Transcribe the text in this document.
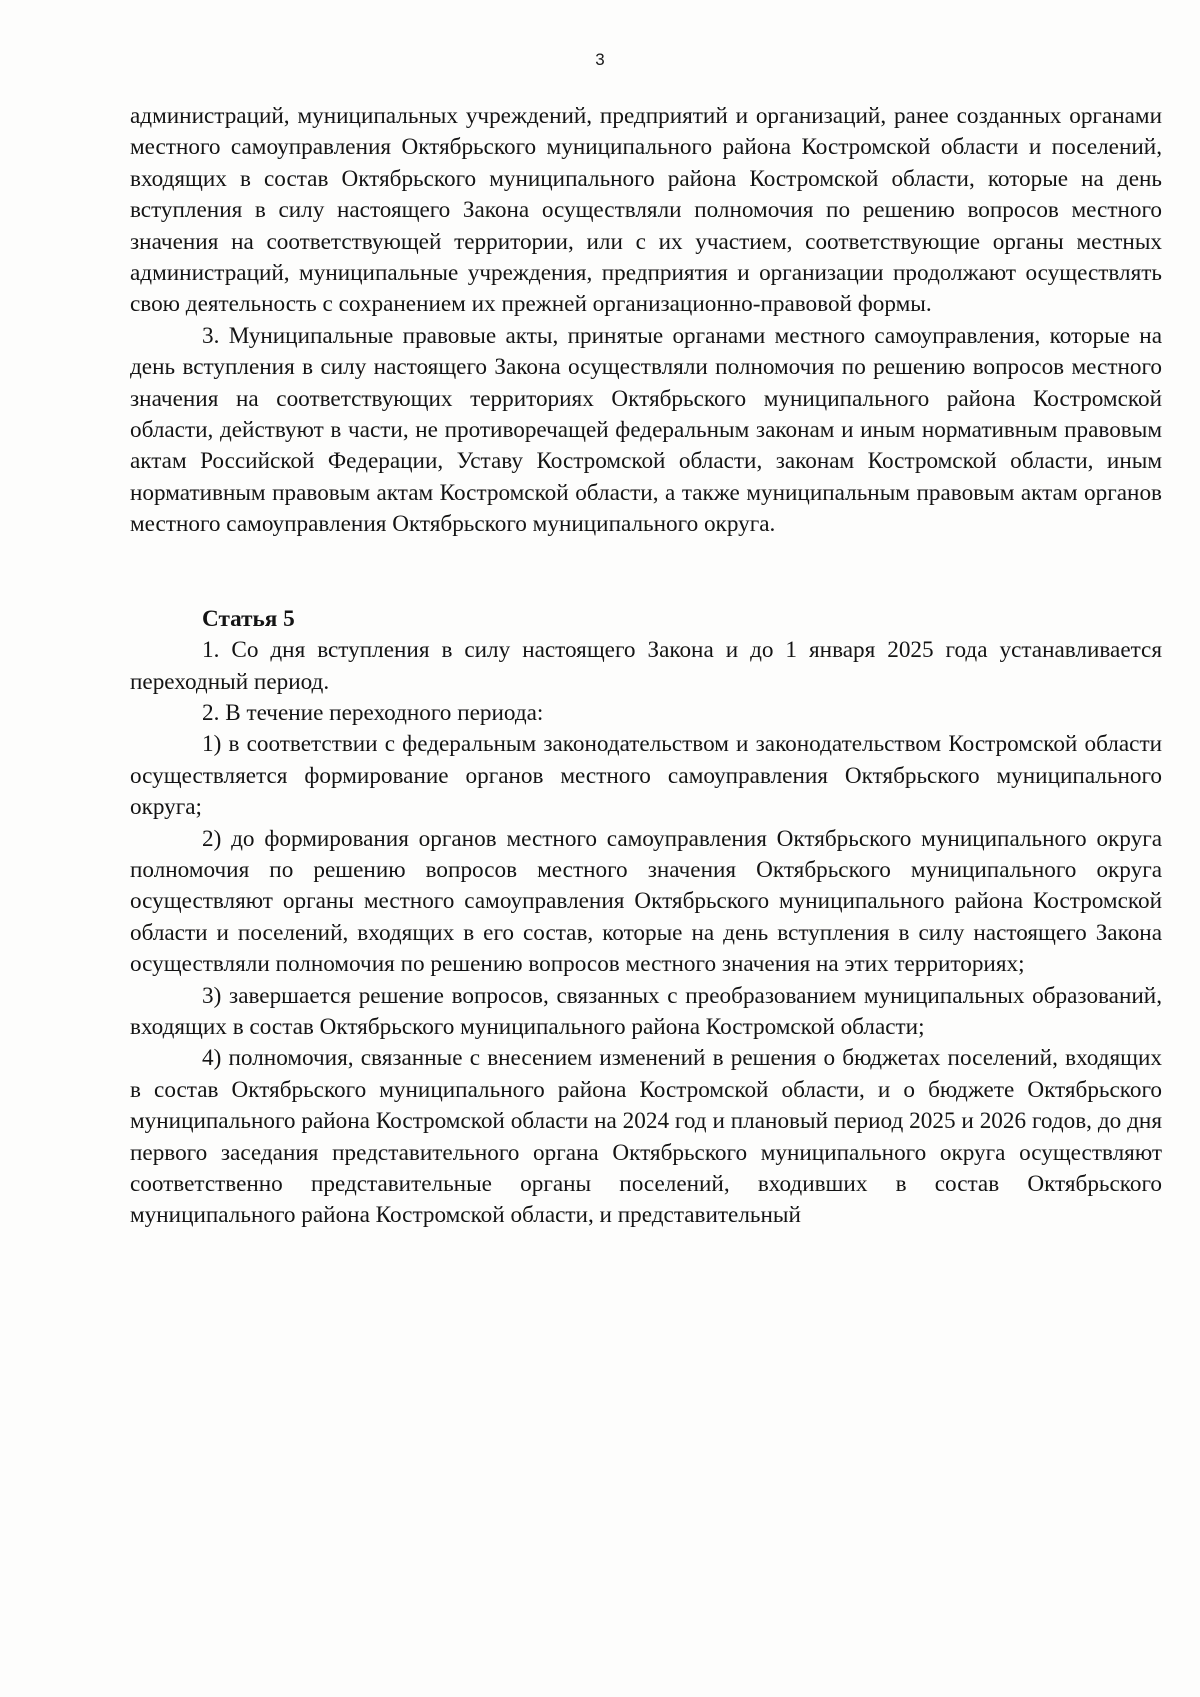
3

администраций, муниципальных учреждений, предприятий и организаций, ранее созданных органами местного самоуправления Октябрьского муниципального района Костромской области и поселений, входящих в состав Октябрьского муниципального района Костромской области, которые на день вступления в силу настоящего Закона осуществляли полномочия по решению вопросов местного значения на соответствующей территории, или с их участием, соответствующие органы местных администраций, муниципальные учреждения, предприятия и организации продолжают осуществлять свою деятельность с сохранением их прежней организационно-правовой формы.

3. Муниципальные правовые акты, принятые органами местного самоуправления, которые на день вступления в силу настоящего Закона осуществляли полномочия по решению вопросов местного значения на соответствующих территориях Октябрьского муниципального района Костромской области, действуют в части, не противоречащей федеральным законам и иным нормативным правовым актам Российской Федерации, Уставу Костромской области, законам Костромской области, иным нормативным правовым актам Костромской области, а также муниципальным правовым актам органов местного самоуправления Октябрьского муниципального округа.

Статья 5

1. Со дня вступления в силу настоящего Закона и до 1 января 2025 года устанавливается переходный период.

2. В течение переходного периода:

1) в соответствии с федеральным законодательством и законодательством Костромской области осуществляется формирование органов местного самоуправления Октябрьского муниципального округа;

2) до формирования органов местного самоуправления Октябрьского муниципального округа полномочия по решению вопросов местного значения Октябрьского муниципального округа осуществляют органы местного самоуправления Октябрьского муниципального района Костромской области и поселений, входящих в его состав, которые на день вступления в силу настоящего Закона осуществляли полномочия по решению вопросов местного значения на этих территориях;

3) завершается решение вопросов, связанных с преобразованием муниципальных образований, входящих в состав Октябрьского муниципального района Костромской области;

4) полномочия, связанные с внесением изменений в решения о бюджетах поселений, входящих в состав Октябрьского муниципального района Костромской области, и о бюджете Октябрьского муниципального района Костромской области на 2024 год и плановый период 2025 и 2026 годов, до дня первого заседания представительного органа Октябрьского муниципального округа осуществляют соответственно представительные органы поселений, входивших в состав Октябрьского муниципального района Костромской области, и представительный
